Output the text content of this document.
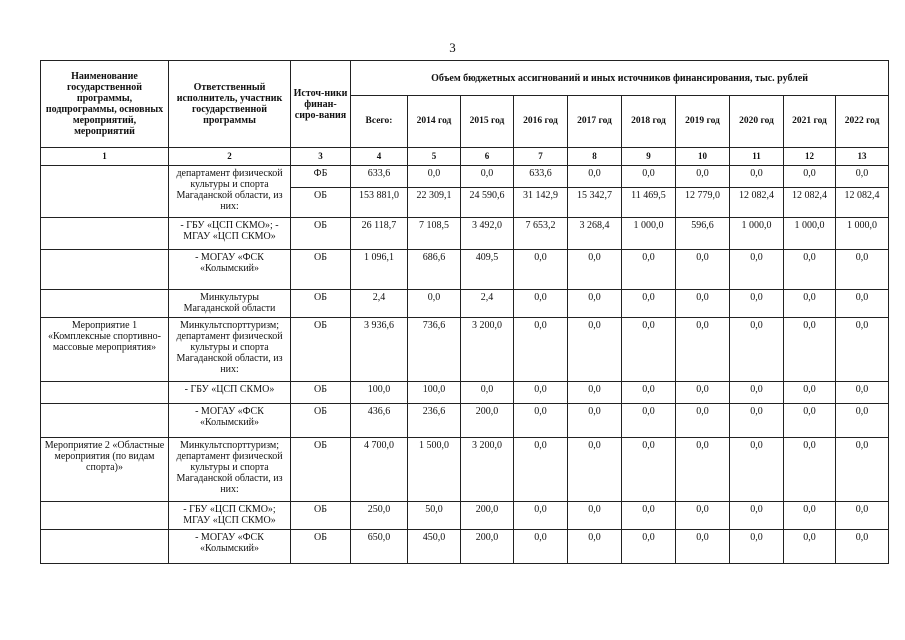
3
Наименование государственной программы, подпрограммы, основных мероприятий, мероприятий	Ответственный исполнитель, участник государственной программы	Источ-ники финан-сиро-вания	Объем бюджетных ассигнований и иных источников финансирования, тыс. рублей									
			Всего:	2014 год	2015 год	2016 год	2017 год	2018 год	2019 год	2020 год	2021 год	2022 год
1	2	3	4	5	6	7	8	9	10	11	12	13
	департамент физической культуры и спорта Магаданской области, из них:	ФБ	633,6	0,0	0,0	633,6	0,0	0,0	0,0	0,0	0,0	0,0
		ОБ	153 881,0	22 309,1	24 590,6	31 142,9	15 342,7	11 469,5	12 779,0	12 082,4	12 082,4	12 082,4
	- ГБУ «ЦСП СКМО»; - МГАУ «ЦСП СКМО»	ОБ	26 118,7	7 108,5	3 492,0	7 653,2	3 268,4	1 000,0	596,6	1 000,0	1 000,0	1 000,0
	- МОГАУ «ФСК «Колымский»	ОБ	1 096,1	686,6	409,5	0,0	0,0	0,0	0,0	0,0	0,0	0,0
	Минкультуры Магаданской области	ОБ	2,4	0,0	2,4	0,0	0,0	0,0	0,0	0,0	0,0	0,0
Мероприятие 1 «Комплексные спортивно-массовые мероприятия»	Минкультспорттуризм; департамент физической культуры и спорта Магаданской области, из них:	ОБ	3 936,6	736,6	3 200,0	0,0	0,0	0,0	0,0	0,0	0,0	0,0
	- ГБУ «ЦСП СКМО»	ОБ	100,0	100,0	0,0	0,0	0,0	0,0	0,0	0,0	0,0	0,0
	- МОГАУ «ФСК «Колымский»	ОБ	436,6	236,6	200,0	0,0	0,0	0,0	0,0	0,0	0,0	0,0
Мероприятие 2 «Областные мероприятия (по видам спорта)»	Минкультспорттуризм; департамент физической культуры и спорта Магаданской области, из них:	ОБ	4 700,0	1 500,0	3 200,0	0,0	0,0	0,0	0,0	0,0	0,0	0,0
	- ГБУ «ЦСП СКМО»; МГАУ «ЦСП СКМО»	ОБ	250,0	50,0	200,0	0,0	0,0	0,0	0,0	0,0	0,0	0,0
	- МОГАУ «ФСК «Колымский»	ОБ	650,0	450,0	200,0	0,0	0,0	0,0	0,0	0,0	0,0	0,0
